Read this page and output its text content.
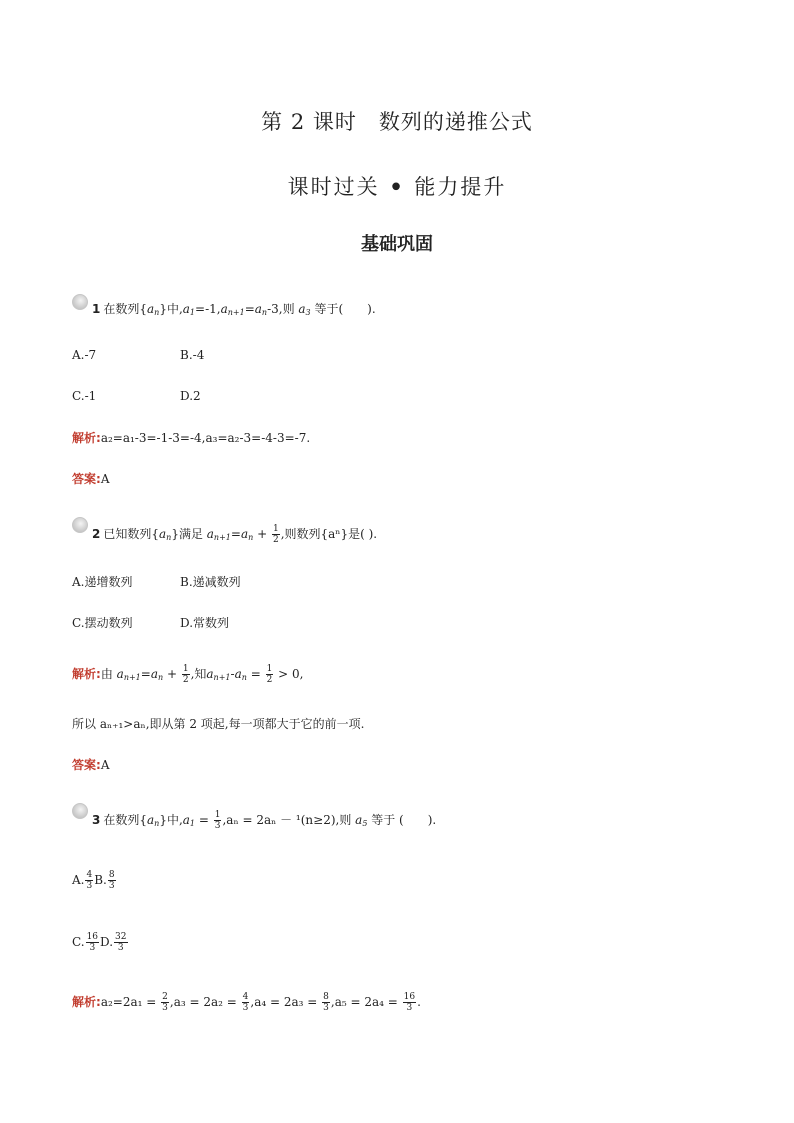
第 2 课时　数列的递推公式
课时过关 • 能力提升
基础巩固
1 在数列$\{a_n\}$中$,a_1=-1,a_{n+1}=a_n-3$,则 $a_3$ 等于(　　).
A.-7	B.-4
C.-1	D.2
解析:a₂=a₁-3=-1-3=-4,a₃=a₂-3=-4-3=-7.
答案:A
2 已知数列$\{a_n\}$满足 $a_{n+1}=a_n + \frac{1}{2}$ ,则数列{aⁿ}是( ).
A.递增数列	B.递减数列
C.摆动数列	D.常数列
解析:由 $a_{n+1}=a_n + \frac{1}{2}$ ,知$a_{n+1}-a_n = \frac{1}{2} > 0$,
所以 aₙ₊₁>aₙ,即从第 2 项起,每一项都大于它的前一项.
答案:A
3 在数列$\{a_n\}$中$,a_1 = \frac{1}{3} ,a_n = 2a_n - ^1(n\ge 2)$,则 $a_5$ 等于 (　　).
A. $\frac{4}{3} B$. $\frac{8}{3}$
C. $\frac{16}{3} D$. $\frac{32}{3}$
解析:a₂=2a₁ = $\frac{2}{3} ,a_3 = 2a_2 = \frac{4}{3} ,a_4 = 2a_3 = \frac{8}{3} ,a_5 = 2a_4 = \frac{16}{3}$ .
